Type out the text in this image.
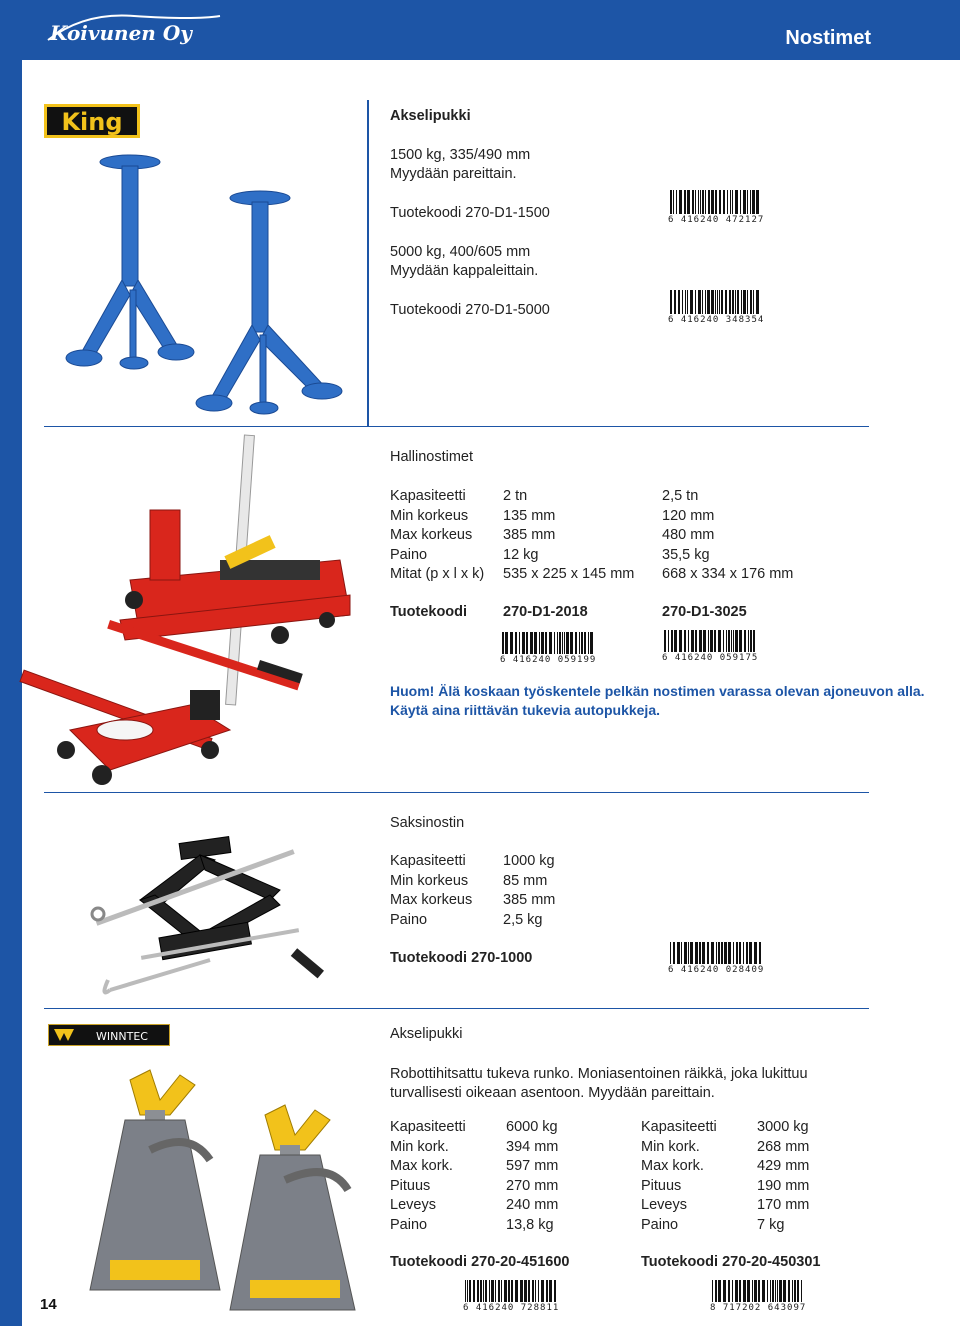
Koivunen Oy	Nostimet
14
King	Akselipukki
1500 kg, 335/490 mm
Myydään pareittain.
Tuotekoodi 270-D1-1500	6 416240 472127
5000 kg, 400/605 mm
Myydään kappaleittain.
Tuotekoodi 270-D1-5000
6 416240 348354
Hallinostimet
Kapasiteetti	2 tn	2,5 tn
Min korkeus	135 mm	120 mm
Max korkeus	385 mm	480 mm
Paino	12 kg	35,5 kg
Mitat (p x l x k)	535 x 225 x 145 mm	668 x 334 x 176 mm
Tuotekoodi 270-D1-2018	270-D1-3025
6 416240 059199	6 416240 059175
Huom! Älä koskaan työskentele pelkän nostimen varassa olevan ajoneuvon alla.
Käytä aina riittävän tukevia autopukkeja.
Saksinostin
Kapasiteetti	1000 kg
Min korkeus	85 mm
Max korkeus	385 mm
Paino	2,5 kg
Tuotekoodi 270-1000
6 416240 028409
WINNTEC	Akselipukki
Robottihitsattu tukeva runko. Moniasentoinen räikkä, joka lukittuu
turvallisesti oikeaan asentoon. Myydään pareittain.
Kapasiteetti	6000 kg
Min kork.	394 mm
Max kork.	597 mm
Pituus	270 mm
Leveys	240 mm
Paino	13,8 kg
Kapasiteetti	3000 kg
Min kork.	268 mm
Max kork.	429 mm
Pituus	190 mm
Leveys	170 mm
Paino	7 kg
Tuotekoodi 270-20-451600	Tuotekoodi 270-20-450301
6 416240 728811	8 717202 643097
